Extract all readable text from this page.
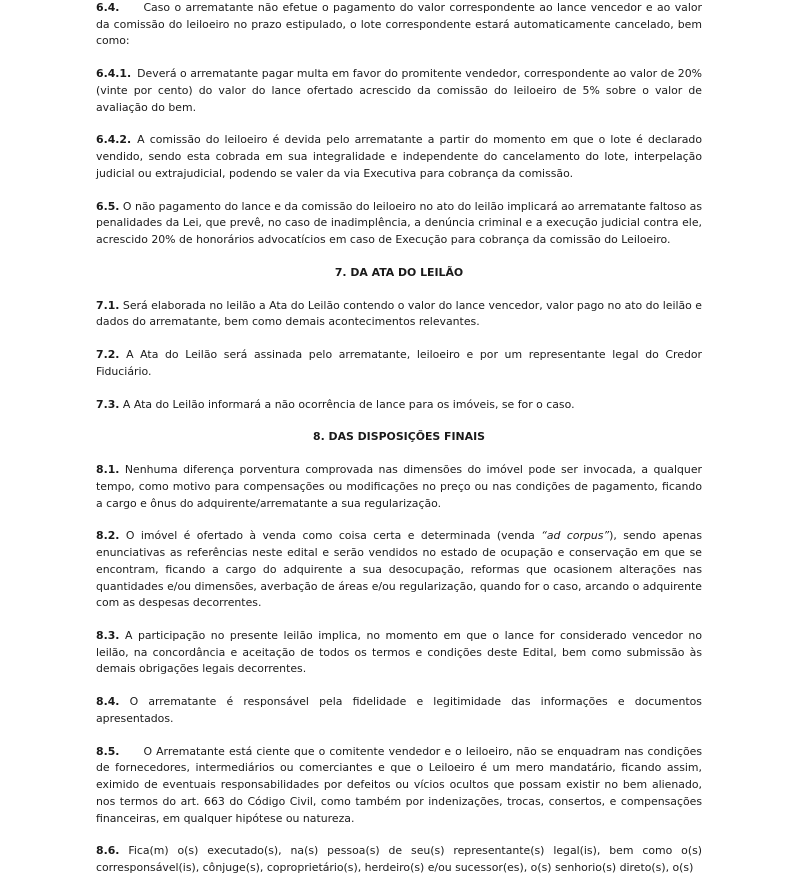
6.4. Caso o arrematante não efetue o pagamento do valor correspondente ao lance vencedor e ao valor da comissão do leiloeiro no prazo estipulado, o lote correspondente estará automaticamente cancelado, bem como:

6.4.1. Deverá o arrematante pagar multa em favor do promitente vendedor, correspondente ao valor de 20% (vinte por cento) do valor do lance ofertado acrescido da comissão do leiloeiro de 5% sobre o valor de avaliação do bem.

6.4.2. A comissão do leiloeiro é devida pelo arrematante a partir do momento em que o lote é declarado vendido, sendo esta cobrada em sua integralidade e independente do cancelamento do lote, interpelação judicial ou extrajudicial, podendo se valer da via Executiva para cobrança da comissão.

6.5. O não pagamento do lance e da comissão do leiloeiro no ato do leilão implicará ao arrematante faltoso as penalidades da Lei, que prevê, no caso de inadimplência, a denúncia criminal e a execução judicial contra ele, acrescido 20% de honorários advocatícios em caso de Execução para cobrança da comissão do Leiloeiro.

7. DA ATA DO LEILÃO

7.1. Será elaborada no leilão a Ata do Leilão contendo o valor do lance vencedor, valor pago no ato do leilão e dados do arrematante, bem como demais acontecimentos relevantes.

7.2. A Ata do Leilão será assinada pelo arrematante, leiloeiro e por um representante legal do Credor Fiduciário.

7.3. A Ata do Leilão informará a não ocorrência de lance para os imóveis, se for o caso.

8. DAS DISPOSIÇÕES FINAIS

8.1. Nenhuma diferença porventura comprovada nas dimensões do imóvel pode ser invocada, a qualquer tempo, como motivo para compensações ou modificações no preço ou nas condições de pagamento, ficando a cargo e ônus do adquirente/arrematante a sua regularização.

8.2. O imóvel é ofertado à venda como coisa certa e determinada (venda “ad corpus”), sendo apenas enunciativas as referências neste edital e serão vendidos no estado de ocupação e conservação em que se encontram, ficando a cargo do adquirente a sua desocupação, reformas que ocasionem alterações nas quantidades e/ou dimensões, averbação de áreas e/ou regularização, quando for o caso, arcando o adquirente com as despesas decorrentes.

8.3. A participação no presente leilão implica, no momento em que o lance for considerado vencedor no leilão, na concordância e aceitação de todos os termos e condições deste Edital, bem como submissão às demais obrigações legais decorrentes.

8.4. O arrematante é responsável pela fidelidade e legitimidade das informações e documentos apresentados.

8.5. O Arrematante está ciente que o comitente vendedor e o leiloeiro, não se enquadram nas condições de fornecedores, intermediários ou comerciantes e que o Leiloeiro é um mero mandatário, ficando assim, eximido de eventuais responsabilidades por defeitos ou vícios ocultos que possam existir no bem alienado, nos termos do art. 663 do Código Civil, como também por indenizações, trocas, consertos, e compensações financeiras, em qualquer hipótese ou natureza.

8.6. Fica(m) o(s) executado(s), na(s) pessoa(s) de seu(s) representante(s) legal(is), bem como o(s) corresponsável(is), cônjuge(s), coproprietário(s), herdeiro(s) e/ou sucessor(es), o(s) senhorio(s) direto(s), o(s)
